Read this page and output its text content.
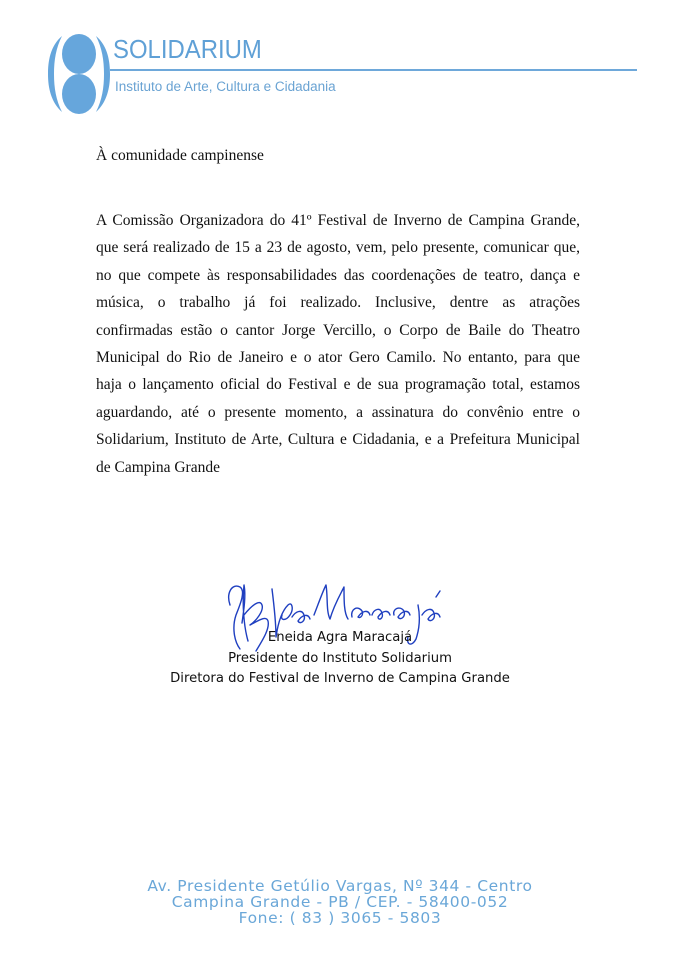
SOLIDARIUM
Instituto de Arte, Cultura e Cidadania
À comunidade campinense
A Comissão Organizadora do 41º Festival de Inverno de Campina Grande,
que será realizado de 15 a 23 de agosto, vem, pelo presente, comunicar que,
no que compete às responsabilidades das coordenações de teatro, dança e
música, o trabalho já foi realizado. Inclusive, dentre as atrações
confirmadas estão o cantor Jorge Vercillo, o Corpo de Baile do Theatro
Municipal do Rio de Janeiro e o ator Gero Camilo. No entanto, para que
haja o lançamento oficial do Festival e de sua programação total, estamos
aguardando, até o presente momento, a assinatura do convênio entre o
Solidarium, Instituto de Arte, Cultura e Cidadania, e a Prefeitura Municipal
de Campina Grande
Eneida Agra Maracajá
Presidente do Instituto Solidarium
Diretora do Festival de Inverno de Campina Grande
Av. Presidente Getúlio Vargas, Nº 344 - Centro
Campina Grande - PB / CEP. - 58400-052
Fone: ( 83 ) 3065 - 5803
